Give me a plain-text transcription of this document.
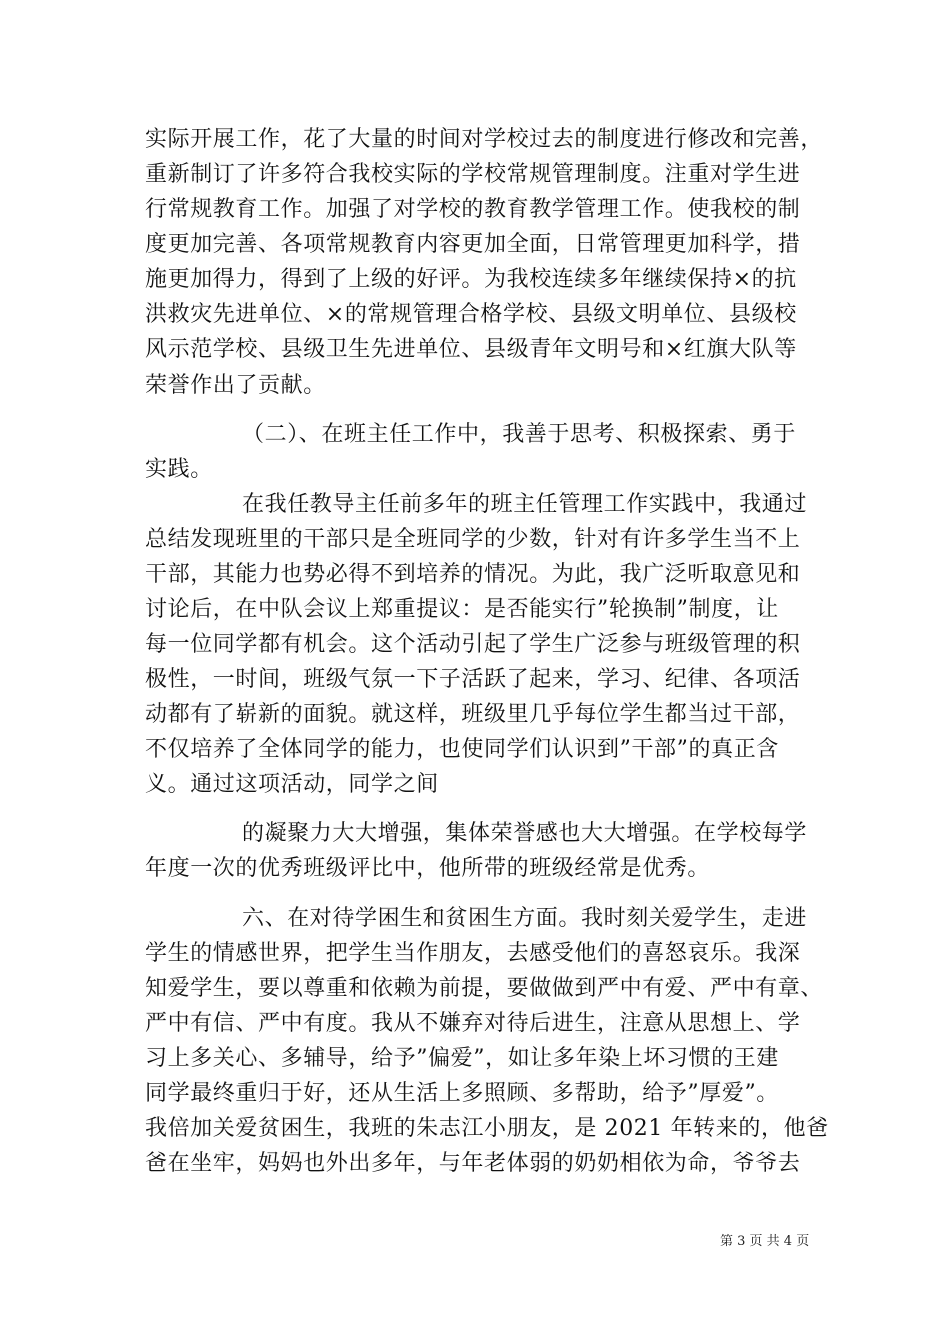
实际开展工作，花了大量的时间对学校过去的制度进行修改和完善，
重新制订了许多符合我校实际的学校常规管理制度。注重对学生进
行常规教育工作。加强了对学校的教育教学管理工作。使我校的制
度更加完善、各项常规教育内容更加全面，日常管理更加科学，措
施更加得力，得到了上级的好评。为我校连续多年继续保持×的抗
洪救灾先进单位、×的常规管理合格学校、县级文明单位、县级校
风示范学校、县级卫生先进单位、县级青年文明号和×红旗大队等
荣誉作出了贡献。
（二）、在班主任工作中，我善于思考、积极探索、勇于
实践。
在我任教导主任前多年的班主任管理工作实践中，我通过
总结发现班里的干部只是全班同学的少数，针对有许多学生当不上
干部，其能力也势必得不到培养的情况。为此，我广泛听取意见和
讨论后，在中队会议上郑重提议：是否能实行”轮换制”制度，让
每一位同学都有机会。这个活动引起了学生广泛参与班级管理的积
极性，一时间，班级气氛一下子活跃了起来，学习、纪律、各项活
动都有了崭新的面貌。就这样，班级里几乎每位学生都当过干部，
不仅培养了全体同学的能力，也使同学们认识到”干部”的真正含
义。通过这项活动，同学之间
的凝聚力大大增强，集体荣誉感也大大增强。在学校每学
年度一次的优秀班级评比中，他所带的班级经常是优秀。
六、在对待学困生和贫困生方面。我时刻关爱学生，走进
学生的情感世界，把学生当作朋友，去感受他们的喜怒哀乐。我深
知爱学生，要以尊重和依赖为前提，要做做到严中有爱、严中有章、
严中有信、严中有度。我从不嫌弃对待后进生，注意从思想上、学
习上多关心、多辅导，给予”偏爱”，如让多年染上坏习惯的王建
同学最终重归于好，还从生活上多照顾、多帮助，给予”厚爱”。
我倍加关爱贫困生，我班的朱志江小朋友，是 2021 年转来的，他爸
爸在坐牢，妈妈也外出多年，与年老体弱的奶奶相依为命，爷爷去
第 3 页 共 4 页
